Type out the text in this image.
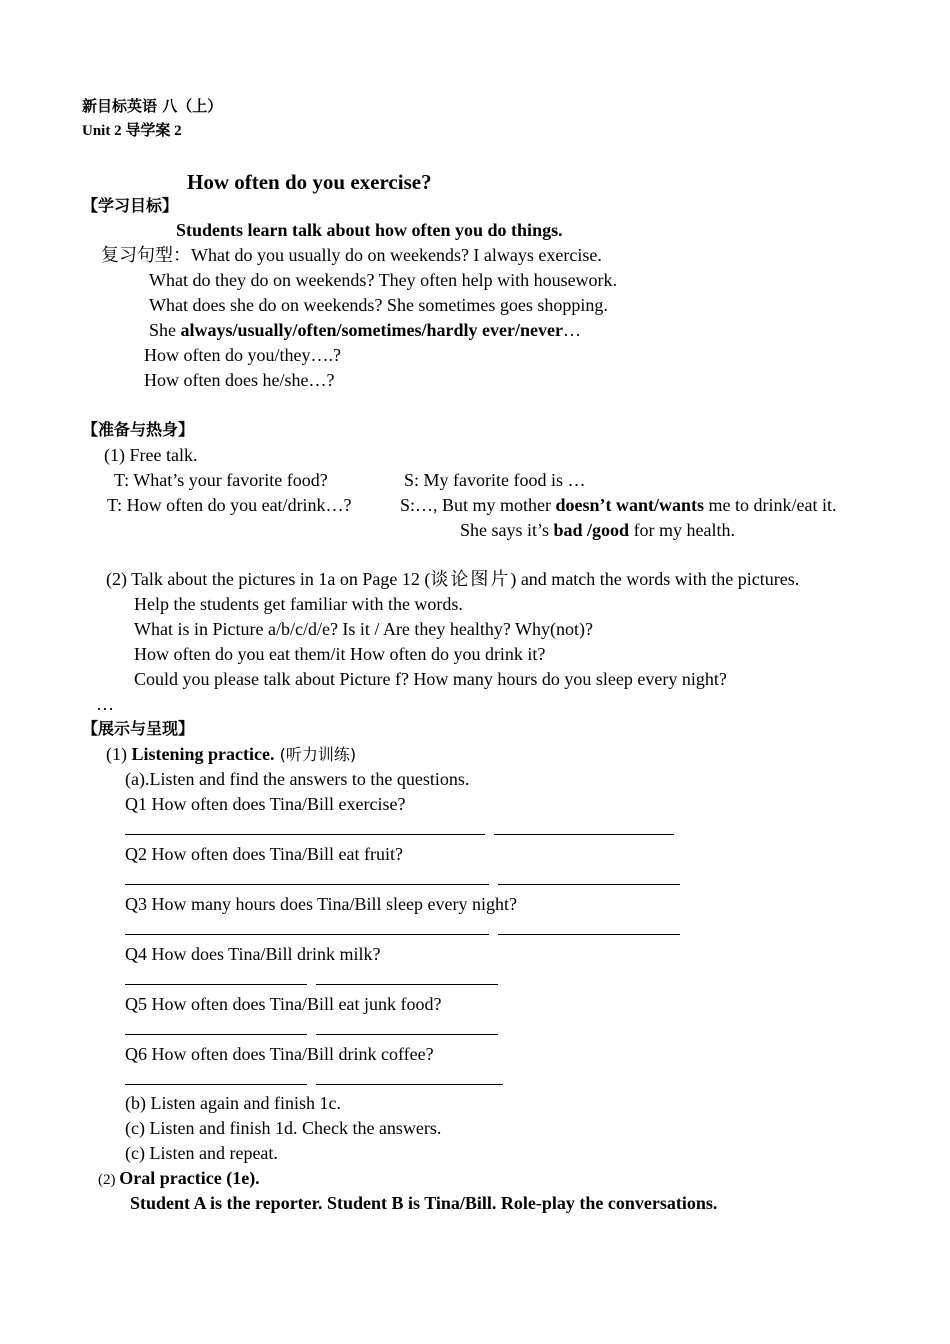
新目标英语 八（上）
Unit 2 导学案 2
How often do you exercise?
【学习目标】
Students learn talk about how often you do things.
复习句型：What do you usually do on weekends? I always exercise.
What do they do on weekends? They often help with housework.
What does she do on weekends? She sometimes goes shopping.
She always/usually/often/sometimes/hardly ever/never…
How often do you/they….?
How often does he/she…?
【准备与热身】
(1) Free talk.
T: What’s your favorite food?	S: My favorite food is …
T: How often do you eat/drink…?	S:…, But my mother doesn’t want/wants me to drink/eat it.
She says it’s bad /good for my health.
(2) Talk about the pictures in 1a on Page 12 (谈论图片) and match the words with the pictures.
Help the students get familiar with the words.
What is in Picture a/b/c/d/e? Is it / Are they healthy? Why(not)?
How often do you eat them/it How often do you drink it?
Could you please talk about Picture f? How many hours do you sleep every night?
…
【展示与呈现】
(1) Listening practice. (听力训练)
(a).Listen and find the answers to the questions.
Q1 How often does Tina/Bill exercise?
Q2 How often does Tina/Bill eat fruit?
Q3 How many hours does Tina/Bill sleep every night?
Q4 How does Tina/Bill drink milk?
Q5 How often does Tina/Bill eat junk food?
Q6 How often does Tina/Bill drink coffee?
(b) Listen again and finish 1c.
(c) Listen and finish 1d. Check the answers.
(c) Listen and repeat.
(2) Oral practice (1e).
Student A is the reporter. Student B is Tina/Bill. Role-play the conversations.
